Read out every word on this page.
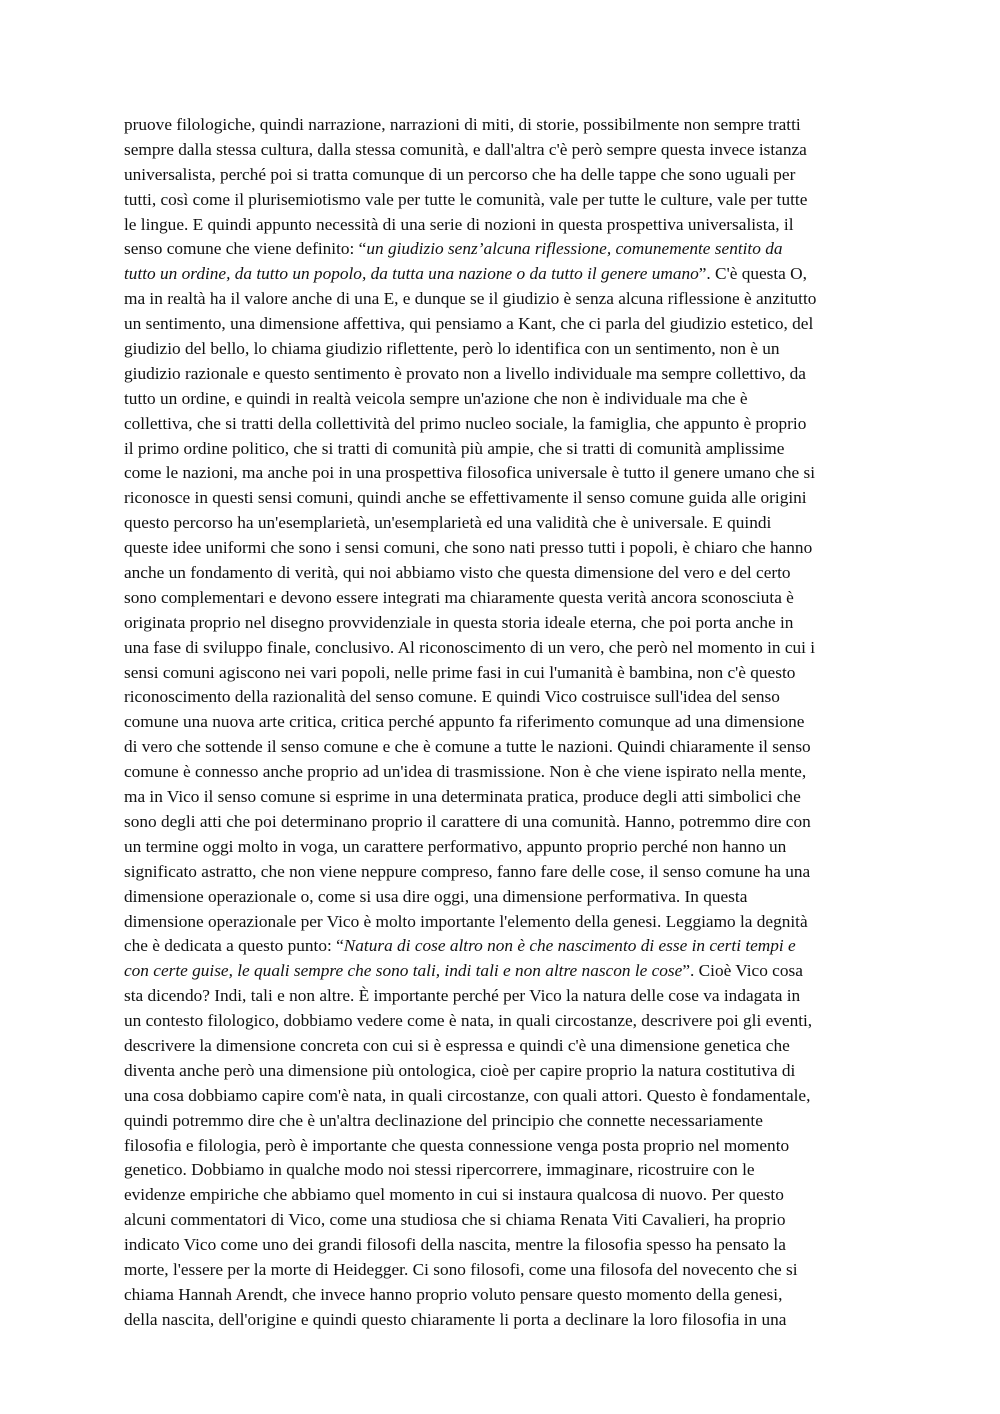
pruove filologiche, quindi narrazione, narrazioni di miti, di storie, possibilmente non sempre tratti
sempre dalla stessa cultura, dalla stessa comunità, e dall'altra c'è però sempre questa invece istanza
universalista, perché poi si tratta comunque di un percorso che ha delle tappe che sono uguali per
tutti, così come il plurisemiotismo vale per tutte le comunità, vale per tutte le culture, vale per tutte
le lingue. E quindi appunto necessità di una serie di nozioni in questa prospettiva universalista, il
senso comune che viene definito: “un giudizio senz’alcuna riflessione, comunemente sentito da
tutto un ordine, da tutto un popolo, da tutta una nazione o da tutto il genere umano”. C'è questa O,
ma in realtà ha il valore anche di una E, e dunque se il giudizio è senza alcuna riflessione è anzitutto
un sentimento, una dimensione affettiva, qui pensiamo a Kant, che ci parla del giudizio estetico, del
giudizio del bello, lo chiama giudizio riflettente, però lo identifica con un sentimento, non è un
giudizio razionale e questo sentimento è provato non a livello individuale ma sempre collettivo, da
tutto un ordine, e quindi in realtà veicola sempre un'azione che non è individuale ma che è
collettiva, che si tratti della collettività del primo nucleo sociale, la famiglia, che appunto è proprio
il primo ordine politico, che si tratti di comunità più ampie, che si tratti di comunità amplissime
come le nazioni, ma anche poi in una prospettiva filosofica universale è tutto il genere umano che si
riconosce in questi sensi comuni, quindi anche se effettivamente il senso comune guida alle origini
questo percorso ha un'esemplarietà, un'esemplarietà ed una validità che è universale. E quindi
queste idee uniformi che sono i sensi comuni, che sono nati presso tutti i popoli, è chiaro che hanno
anche un fondamento di verità, qui noi abbiamo visto che questa dimensione del vero e del certo
sono complementari e devono essere integrati ma chiaramente questa verità ancora sconosciuta è
originata proprio nel disegno provvidenziale in questa storia ideale eterna, che poi porta anche in
una fase di sviluppo finale, conclusivo. Al riconoscimento di un vero, che però nel momento in cui i
sensi comuni agiscono nei vari popoli, nelle prime fasi in cui l'umanità è bambina, non c'è questo
riconoscimento della razionalità del senso comune. E quindi Vico costruisce sull'idea del senso
comune una nuova arte critica, critica perché appunto fa riferimento comunque ad una dimensione
di vero che sottende il senso comune e che è comune a tutte le nazioni. Quindi chiaramente il senso
comune è connesso anche proprio ad un'idea di trasmissione. Non è che viene ispirato nella mente,
ma in Vico il senso comune si esprime in una determinata pratica, produce degli atti simbolici che
sono degli atti che poi determinano proprio il carattere di una comunità. Hanno, potremmo dire con
un termine oggi molto in voga, un carattere performativo, appunto proprio perché non hanno un
significato astratto, che non viene neppure compreso, fanno fare delle cose, il senso comune ha una
dimensione operazionale o, come si usa dire oggi, una dimensione performativa. In questa
dimensione operazionale per Vico è molto importante l'elemento della genesi. Leggiamo la degnità
che è dedicata a questo punto: “Natura di cose altro non è che nascimento di esse in certi tempi e
con certe guise, le quali sempre che sono tali, indi tali e non altre nascon le cose”. Cioè Vico cosa
sta dicendo? Indi, tali e non altre. È importante perché per Vico la natura delle cose va indagata in
un contesto filologico, dobbiamo vedere come è nata, in quali circostanze, descrivere poi gli eventi,
descrivere la dimensione concreta con cui si è espressa e quindi c'è una dimensione genetica che
diventa anche però una dimensione più ontologica, cioè per capire proprio la natura costitutiva di
una cosa dobbiamo capire com'è nata, in quali circostanze, con quali attori. Questo è fondamentale,
quindi potremmo dire che è un'altra declinazione del principio che connette necessariamente
filosofia e filologia, però è importante che questa connessione venga posta proprio nel momento
genetico. Dobbiamo in qualche modo noi stessi ripercorrere, immaginare, ricostruire con le
evidenze empiriche che abbiamo quel momento in cui si instaura qualcosa di nuovo. Per questo
alcuni commentatori di Vico, come una studiosa che si chiama Renata Viti Cavalieri, ha proprio
indicato Vico come uno dei grandi filosofi della nascita, mentre la filosofia spesso ha pensato la
morte, l'essere per la morte di Heidegger. Ci sono filosofi, come una filosofa del novecento che si
chiama Hannah Arendt, che invece hanno proprio voluto pensare questo momento della genesi,
della nascita, dell'origine e quindi questo chiaramente li porta a declinare la loro filosofia in una
